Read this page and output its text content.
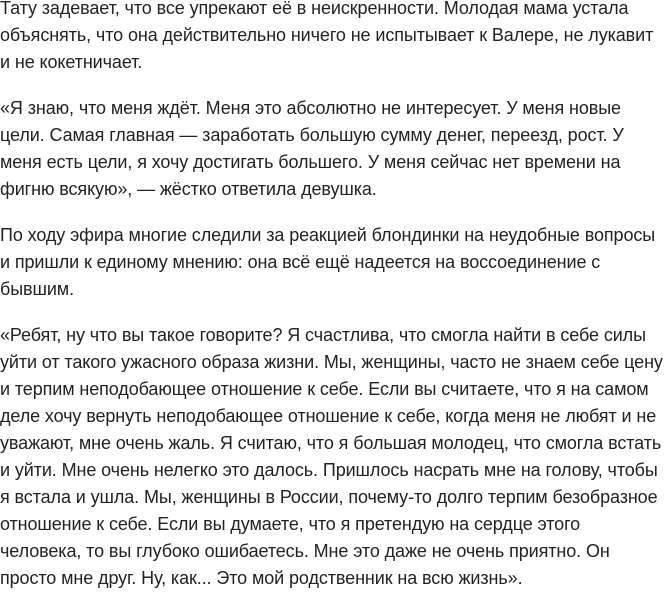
Тату задевает, что все упрекают её в неискренности. Молодая мама устала объяснять, что она действительно ничего не испытывает к Валере, не лукавит и не кокетничает.

«Я знаю, что меня ждёт. Меня это абсолютно не интересует. У меня новые цели. Самая главная — заработать большую сумму денег, переезд, рост. У меня есть цели, я хочу достигать большего. У меня сейчас нет времени на фигню всякую», — жёстко ответила девушка.

По ходу эфира многие следили за реакцией блондинки на неудобные вопросы и пришли к единому мнению: она всё ещё надеется на воссоединение с бывшим.

«Ребят, ну что вы такое говорите? Я счастлива, что смогла найти в себе силы уйти от такого ужасного образа жизни. Мы, женщины, часто не знаем себе цену и терпим неподобающее отношение к себе. Если вы считаете, что я на самом деле хочу вернуть неподобающее отношение к себе, когда меня не любят и не уважают, мне очень жаль. Я считаю, что я большая молодец, что смогла встать и уйти. Мне очень нелегко это далось. Пришлось насрать мне на голову, чтобы я встала и ушла. Мы, женщины в России, почему-то долго терпим безобразное отношение к себе. Если вы думаете, что я претендую на сердце этого человека, то вы глубоко ошибаетесь. Мне это даже не очень приятно. Он просто мне друг. Ну, как... Это мой родственник на всю жизнь».
